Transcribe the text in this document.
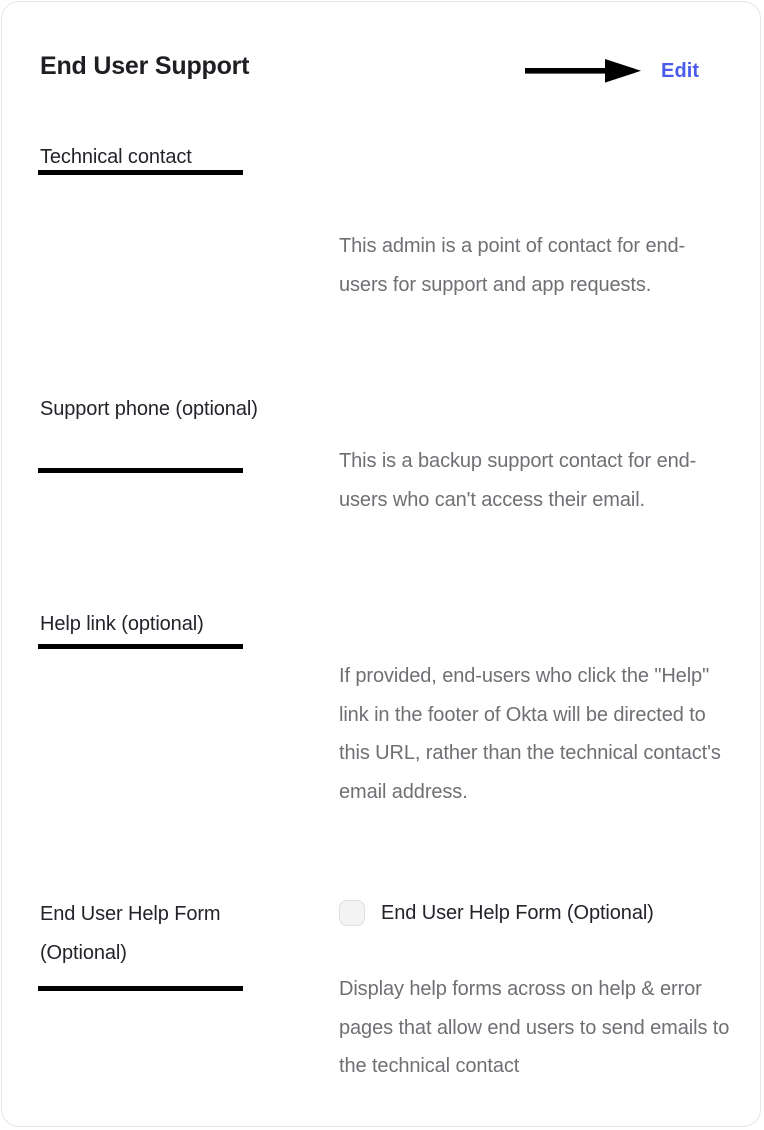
End User Support	Edit
Technical contact
This admin is a point of contact for end-users for support and app requests.
Support phone (optional)
This is a backup support contact for end-users who can't access their email.
Help link (optional)
If provided, end-users who click the "Help" link in the footer of Okta will be directed to this URL, rather than the technical contact's email address.
End User Help Form (Optional)
End User Help Form (Optional)
Display help forms across on help & error pages that allow end users to send emails to the technical contact
